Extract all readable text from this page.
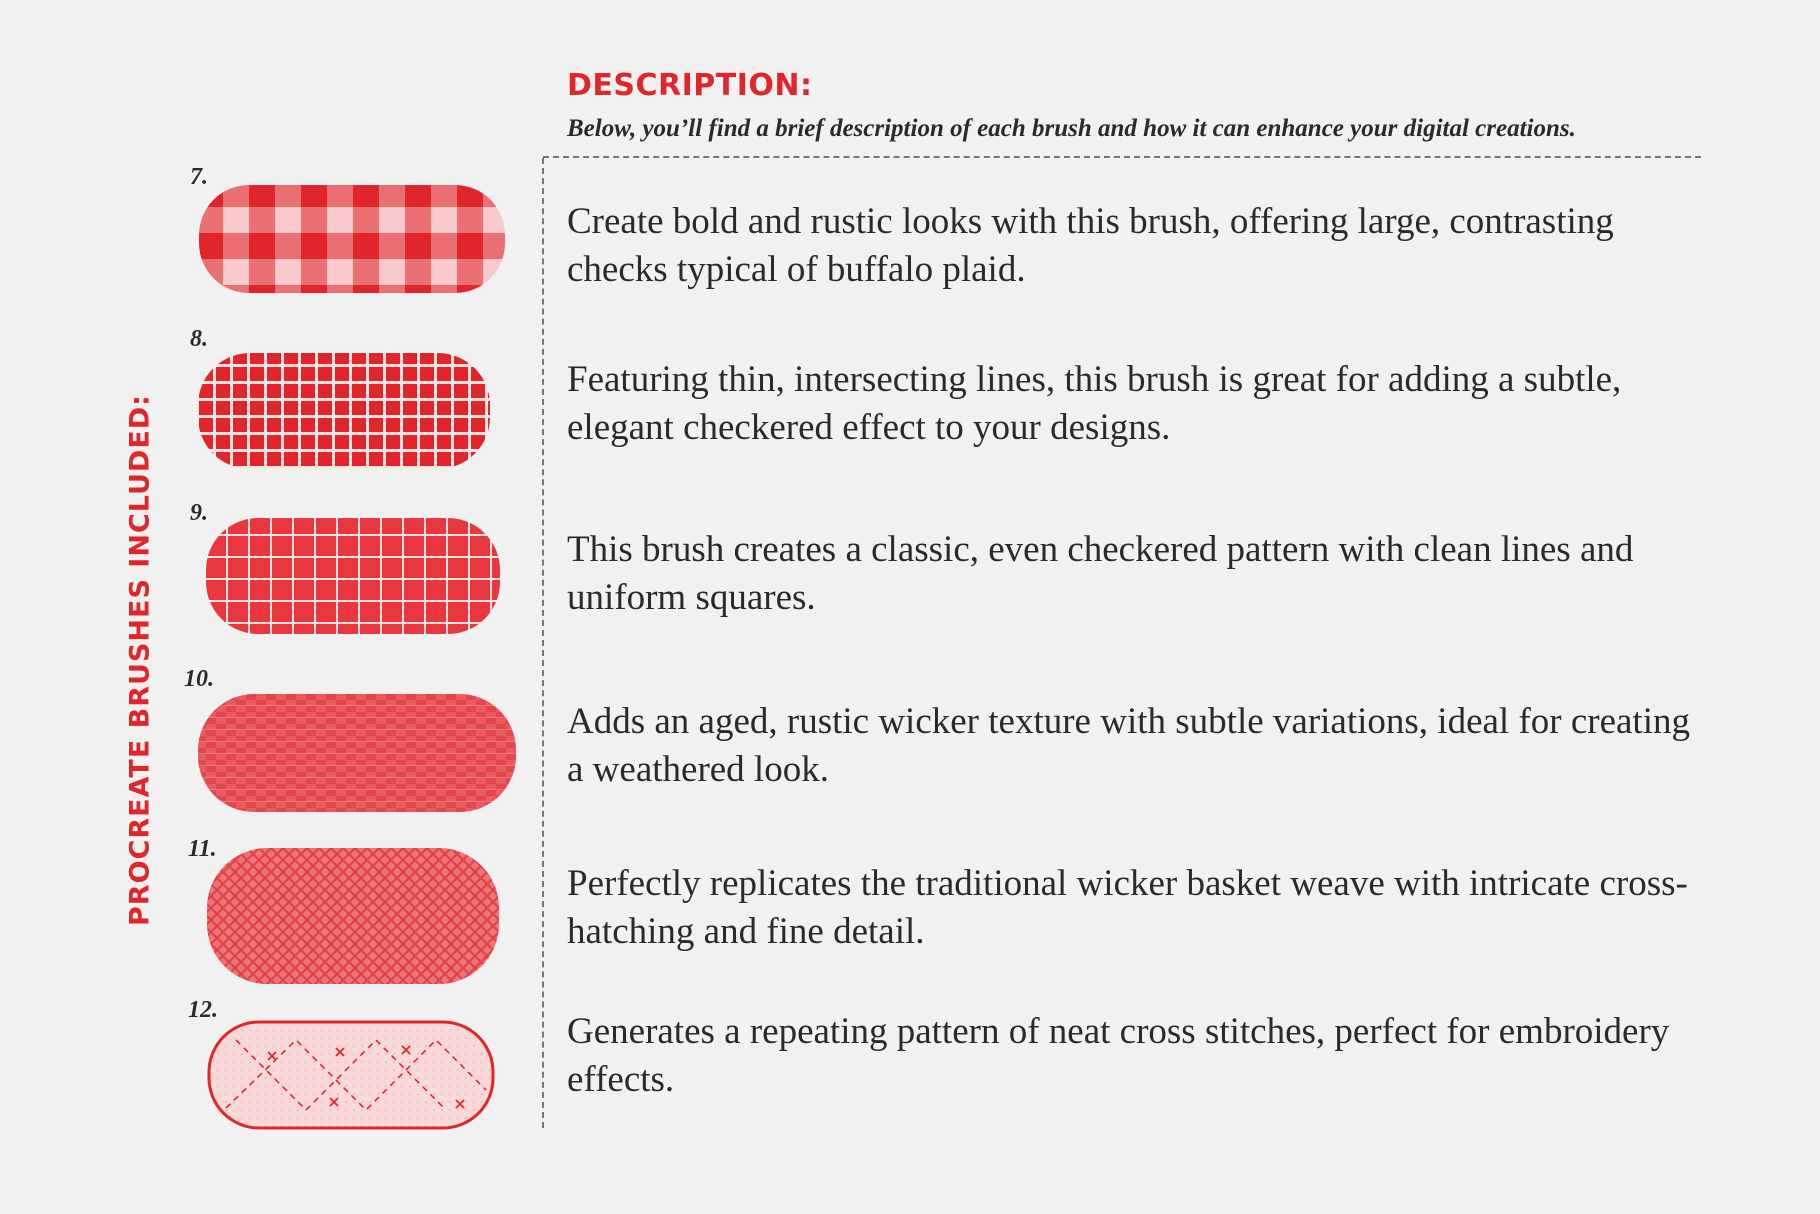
PROCREATE BRUSHES INCLUDED:
DESCRIPTION:
Below, you’ll find a brief description of each brush and how it can enhance your digital creations.
7.
Create bold and rustic looks with this brush, offering large, contrasting checks typical of buffalo plaid.
8.
Featuring thin, intersecting lines, this brush is great for adding a subtle, elegant checkered effect to your designs.
9.
This brush creates a classic, even checkered pattern with clean lines and uniform squares.
10.
Adds an aged, rustic wicker texture with subtle variations, ideal for creating a weathered look.
11.
Perfectly replicates the traditional wicker basket weave with intricate cross-hatching and fine detail.
12.
Generates a repeating pattern of neat cross stitches, perfect for embroidery effects.
